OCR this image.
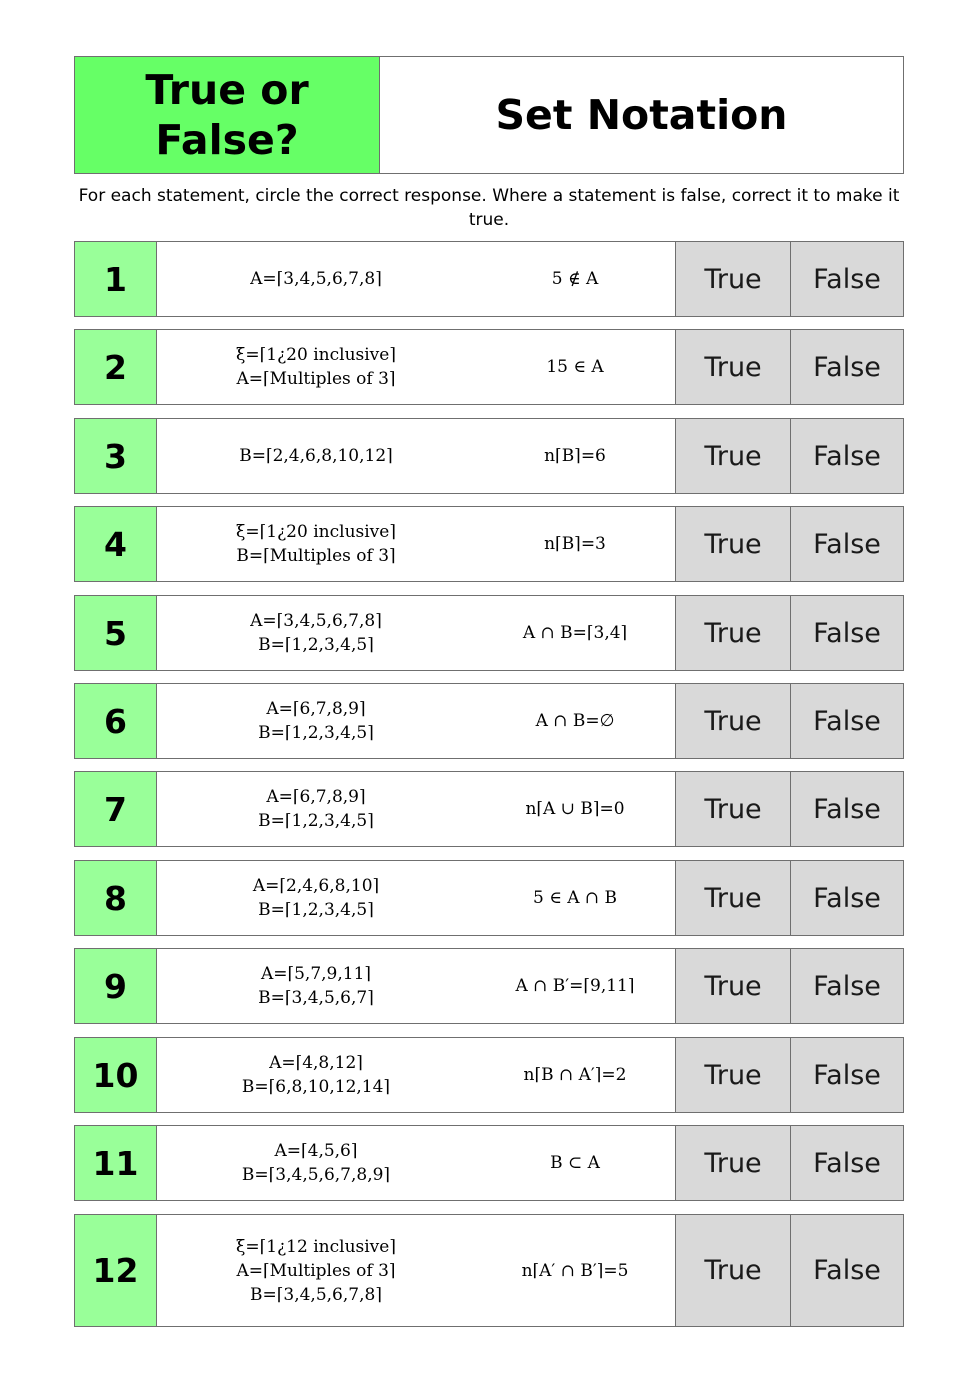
True or False?
Set Notation
For each statement, circle the correct response. Where a statement is false, correct it to make it true.
1	A=⌈3,4,5,6,7,8⌉	5 ∉ A	True	False
2	ξ=⌈1¿20 inclusive⌉
A=⌈Multiples of 3⌉
15 ∈ A	True	False
3	B=⌈2,4,6,8,10,12⌉	n⌈B⌉=6	True	False
4	ξ=⌈1¿20 inclusive⌉
B=⌈Multiples of 3⌉
n⌈B⌉=3	True	False
5	A=⌈3,4,5,6,7,8⌉
B=⌈1,2,3,4,5⌉
A ∩ B=⌈3,4⌉	True	False
6	A=⌈6,7,8,9⌉
B=⌈1,2,3,4,5⌉
A ∩ B=∅	True	False
7	A=⌈6,7,8,9⌉
B=⌈1,2,3,4,5⌉
n⌈A ∪ B⌉=0	True	False
8	A=⌈2,4,6,8,10⌉
B=⌈1,2,3,4,5⌉
5 ∈ A ∩ B	True	False
9	A=⌈5,7,9,11⌉
B=⌈3,4,5,6,7⌉
A ∩ B′=⌈9,11⌉	True	False
10	A=⌈4,8,12⌉
B=⌈6,8,10,12,14⌉
n⌈B ∩ A′⌉=2	True	False
11	A=⌈4,5,6⌉
B=⌈3,4,5,6,7,8,9⌉
B ⊂ A	True	False
12
ξ=⌈1¿12 inclusive⌉
A=⌈Multiples of 3⌉
B=⌈3,4,5,6,7,8⌉
n⌈A′ ∩ B′⌉=5	True	False
